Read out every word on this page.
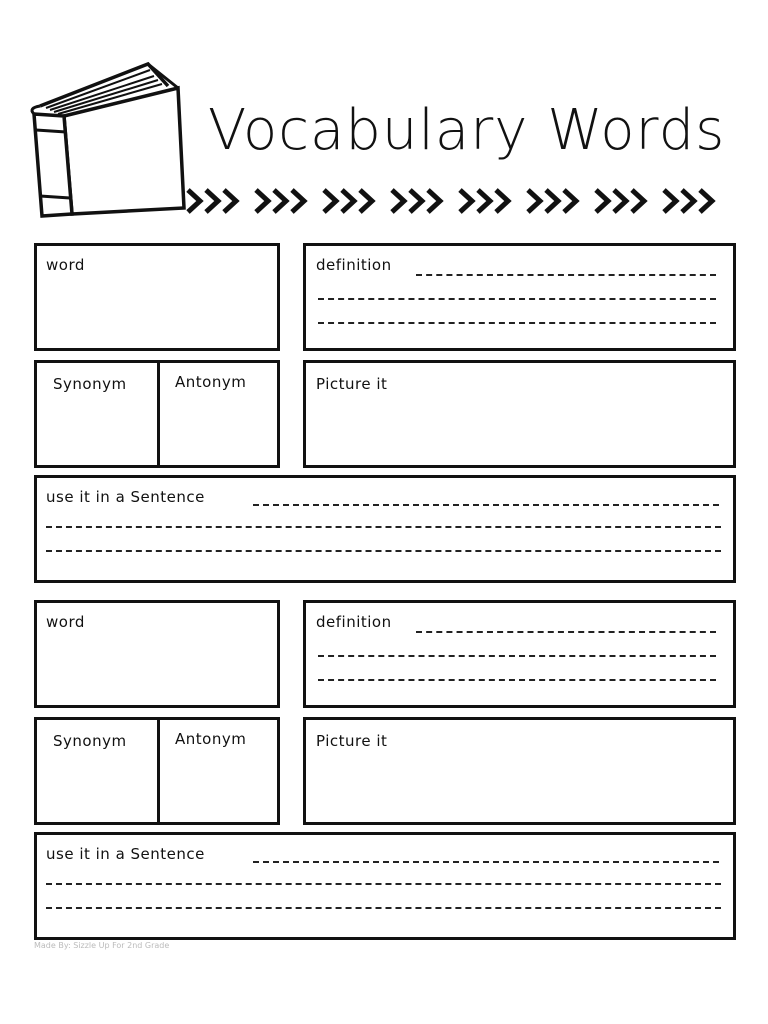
Vocabulary Words
word	definition
Synonym	Antonym	Picture it
use it in a Sentence
word	definition
Synonym	Antonym	Picture it
use it in a Sentence
Made By: Sizzle Up For 2nd Grade
